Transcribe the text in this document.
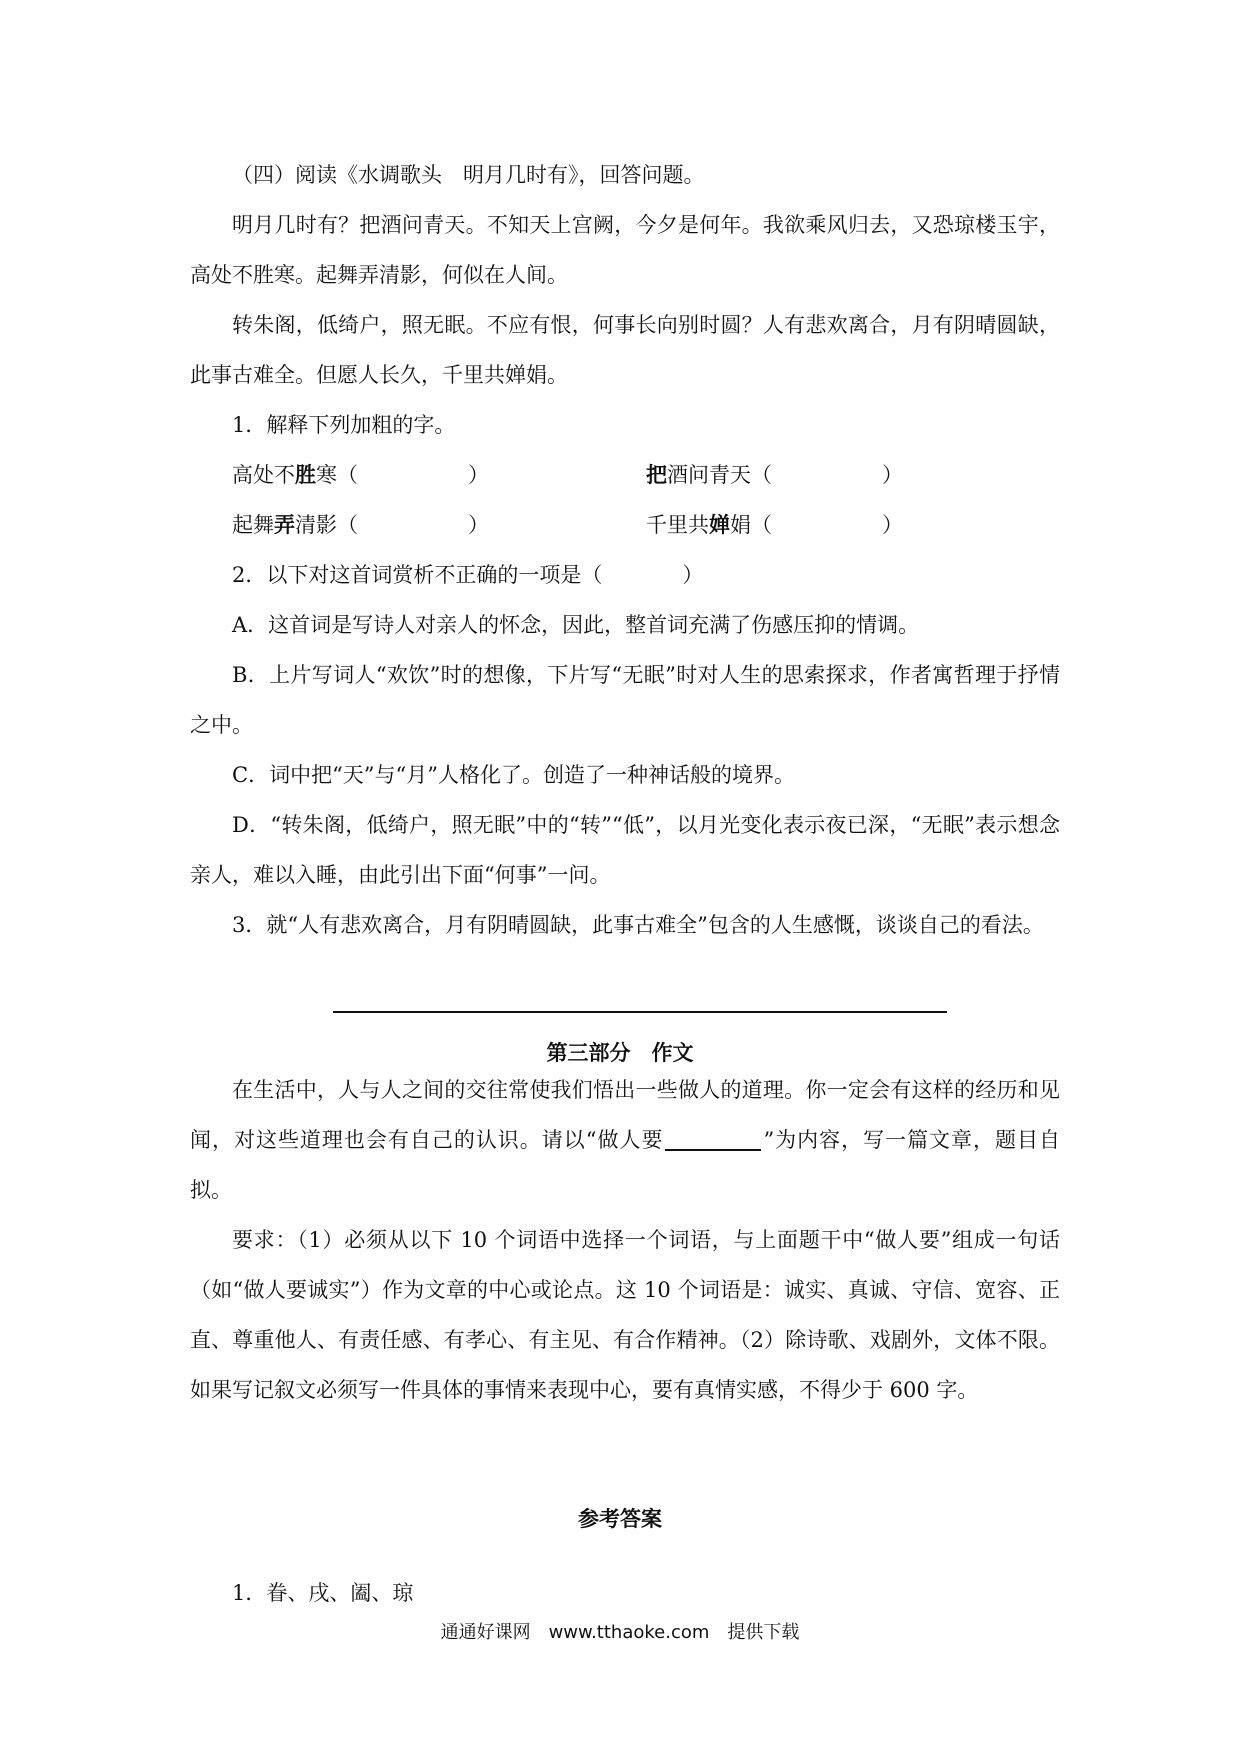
（四）阅读《水调歌头　明月几时有》，回答问题。

明月几时有？把酒问青天。不知天上宫阙，今夕是何年。我欲乘风归去，又恐琼楼玉宇，高处不胜寒。起舞弄清影，何似在人间。

转朱阁，低绮户，照无眠。不应有恨，何事长向别时圆？人有悲欢离合，月有阴晴圆缺，此事古难全。但愿人长久，千里共婵娟。

1．解释下列加粗的字。

高处不胜寒（	）	把酒问青天（	）
起舞弄清影（	）	千里共婵娟（	）

2．以下对这首词赏析不正确的一项是（	）

A．这首词是写诗人对亲人的怀念，因此，整首词充满了伤感压抑的情调。

B．上片写词人“欢饮”时的想像，下片写“无眠”时对人生的思索探求，作者寓哲理于抒情之中。

C．词中把“天”与“月”人格化了。创造了一种神话般的境界。

D．“转朱阁，低绮户，照无眠”中的“转”“低”，以月光变化表示夜已深，“无眠”表示想念亲人，难以入睡，由此引出下面“何事”一问。

3．就“人有悲欢离合，月有阴晴圆缺，此事古难全”包含的人生感慨，谈谈自己的看法。

第三部分　作文

在生活中，人与人之间的交往常使我们悟出一些做人的道理。你一定会有这样的经历和见闻，对这些道理也会有自己的认识。请以“做人要	”为内容，写一篇文章，题目自拟。

要求：（1）必须从以下 10 个词语中选择一个词语，与上面题干中“做人要”组成一句话（如“做人要诚实”）作为文章的中心或论点。这 10 个词语是：诚实、真诚、守信、宽容、正直、尊重他人、有责任感、有孝心、有主见、有合作精神。（2）除诗歌、戏剧外，文体不限。如果写记叙文必须写一件具体的事情来表现中心，要有真情实感，不得少于 600 字。

参考答案

1．眷、戌、阖、琼

通通好课网　www.tthaoke.com　提供下载
